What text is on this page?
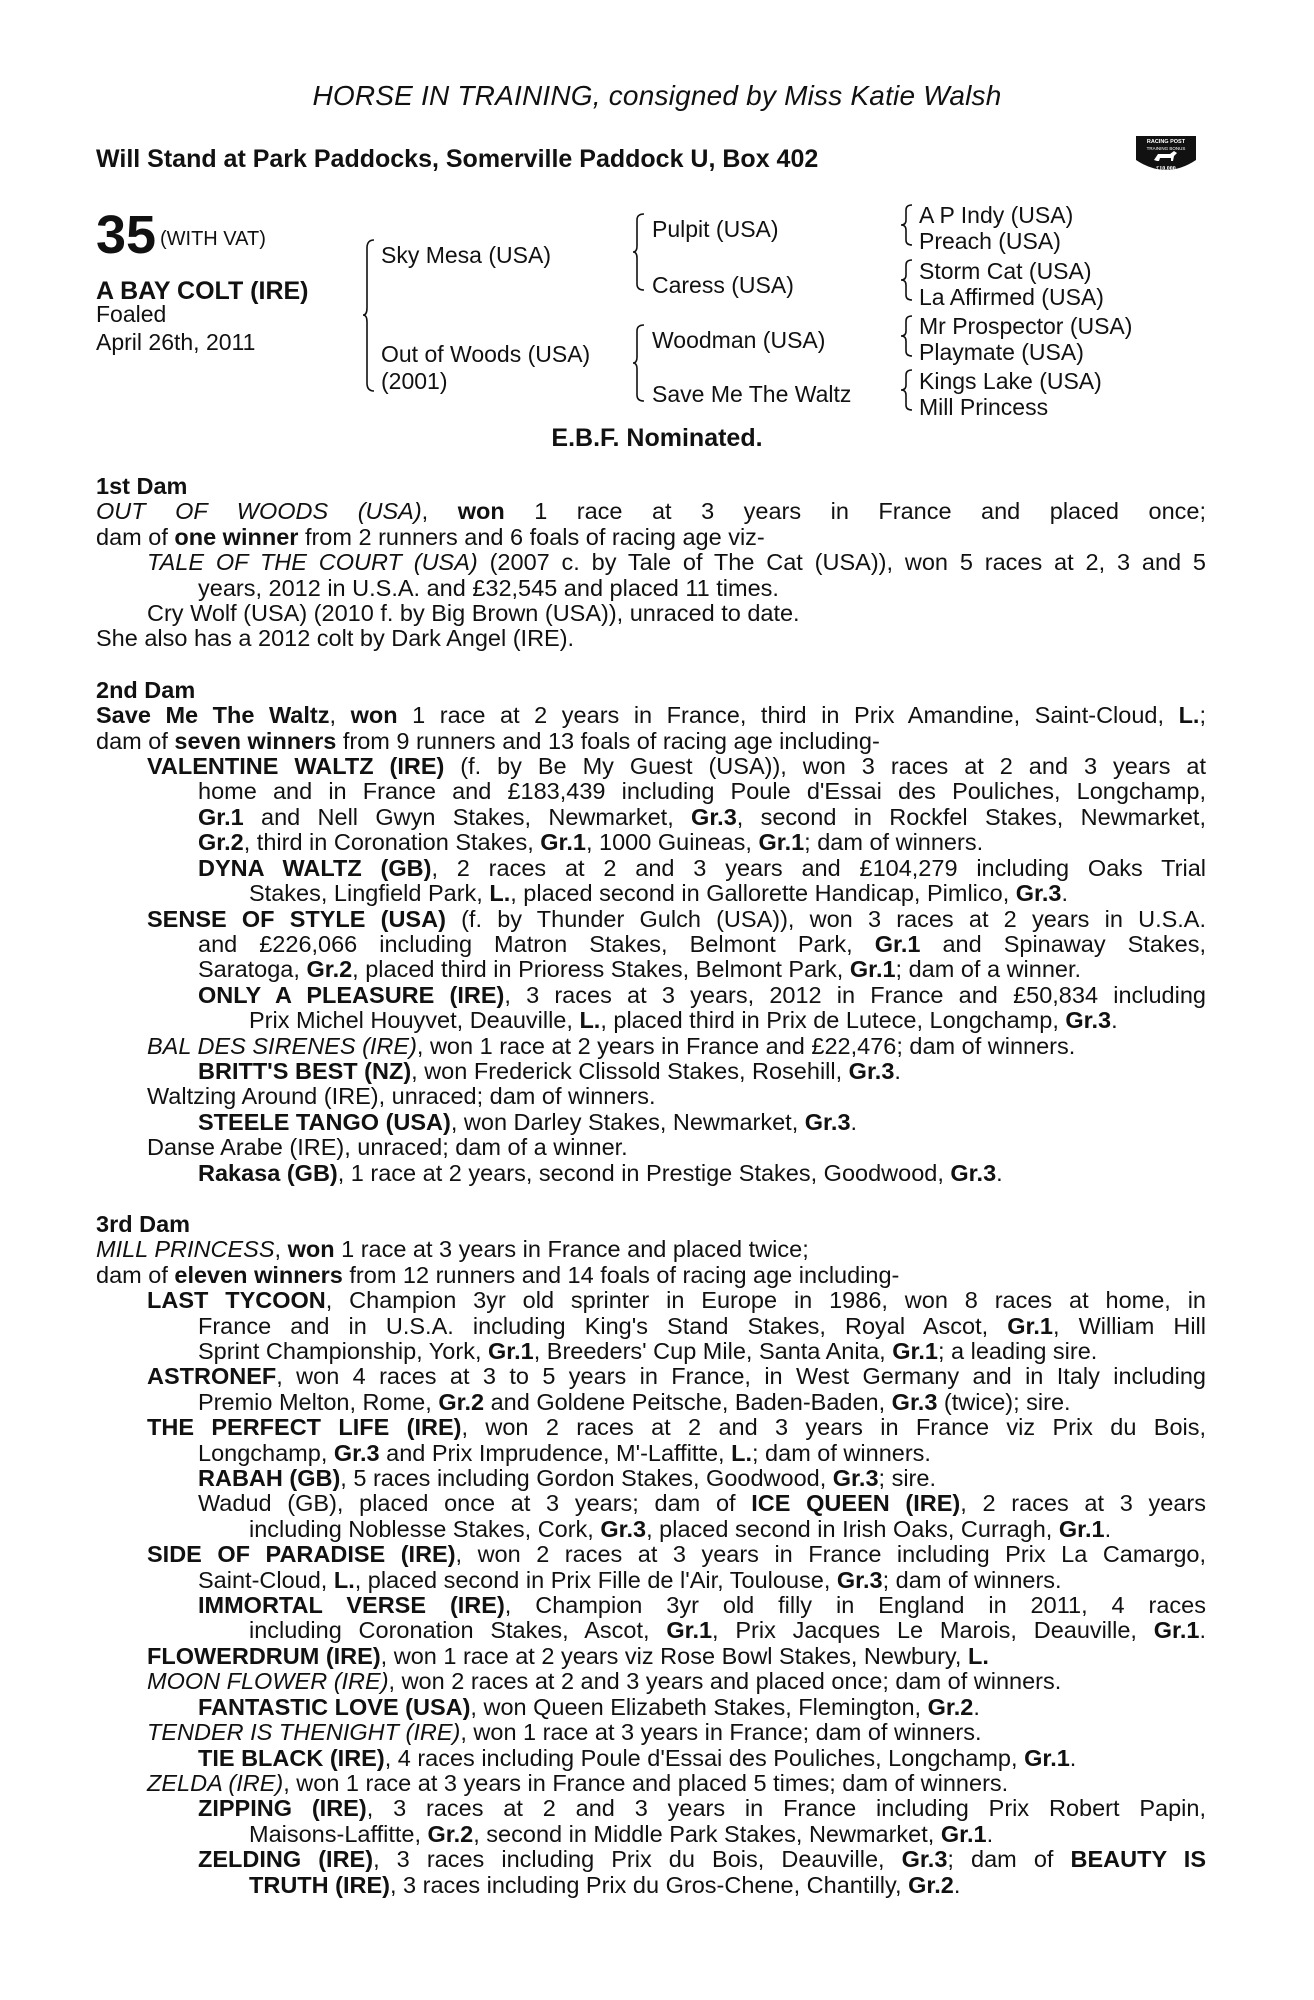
HORSE IN TRAINING, consigned by Miss Katie Walsh
Will Stand at Park Paddocks, Somerville Paddock U, Box 402
RACING POST
TRAINING BONUS
£10,000
35 (WITH VAT)
A BAY COLT (IRE)
Foaled
April 26th, 2011
Sky Mesa (USA)
Out of Woods (USA)
(2001)
Pulpit (USA)
Caress (USA)
Woodman (USA)
Save Me The Waltz
A P Indy (USA)
Preach (USA)
Storm Cat (USA)
La Affirmed (USA)
Mr Prospector (USA)
Playmate (USA)
Kings Lake (USA)
Mill Princess
E.B.F. Nominated.
1st Dam
OUT OF WOODS (USA), won 1 race at 3 years in France and placed once;
dam of one winner from 2 runners and 6 foals of racing age viz-
TALE OF THE COURT (USA) (2007 c. by Tale of The Cat (USA)), won 5 races at 2, 3 and 5
years, 2012 in U.S.A. and £32,545 and placed 11 times.
Cry Wolf (USA) (2010 f. by Big Brown (USA)), unraced to date.
She also has a 2012 colt by Dark Angel (IRE).
2nd Dam
Save Me The Waltz, won 1 race at 2 years in France, third in Prix Amandine, Saint-Cloud, L.;
dam of seven winners from 9 runners and 13 foals of racing age including-
VALENTINE WALTZ (IRE) (f. by Be My Guest (USA)), won 3 races at 2 and 3 years at
home and in France and £183,439 including Poule d'Essai des Pouliches, Longchamp,
Gr.1 and Nell Gwyn Stakes, Newmarket, Gr.3, second in Rockfel Stakes, Newmarket,
Gr.2, third in Coronation Stakes, Gr.1, 1000 Guineas, Gr.1; dam of winners.
DYNA WALTZ (GB), 2 races at 2 and 3 years and £104,279 including Oaks Trial
Stakes, Lingfield Park, L., placed second in Gallorette Handicap, Pimlico, Gr.3.
SENSE OF STYLE (USA) (f. by Thunder Gulch (USA)), won 3 races at 2 years in U.S.A.
and £226,066 including Matron Stakes, Belmont Park, Gr.1 and Spinaway Stakes,
Saratoga, Gr.2, placed third in Prioress Stakes, Belmont Park, Gr.1; dam of a winner.
ONLY A PLEASURE (IRE), 3 races at 3 years, 2012 in France and £50,834 including
Prix Michel Houyvet, Deauville, L., placed third in Prix de Lutece, Longchamp, Gr.3.
BAL DES SIRENES (IRE), won 1 race at 2 years in France and £22,476; dam of winners.
BRITT'S BEST (NZ), won Frederick Clissold Stakes, Rosehill, Gr.3.
Waltzing Around (IRE), unraced; dam of winners.
STEELE TANGO (USA), won Darley Stakes, Newmarket, Gr.3.
Danse Arabe (IRE), unraced; dam of a winner.
Rakasa (GB), 1 race at 2 years, second in Prestige Stakes, Goodwood, Gr.3.
3rd Dam
MILL PRINCESS, won 1 race at 3 years in France and placed twice;
dam of eleven winners from 12 runners and 14 foals of racing age including-
LAST TYCOON, Champion 3yr old sprinter in Europe in 1986, won 8 races at home, in
France and in U.S.A. including King's Stand Stakes, Royal Ascot, Gr.1, William Hill
Sprint Championship, York, Gr.1, Breeders' Cup Mile, Santa Anita, Gr.1; a leading sire.
ASTRONEF, won 4 races at 3 to 5 years in France, in West Germany and in Italy including
Premio Melton, Rome, Gr.2 and Goldene Peitsche, Baden-Baden, Gr.3 (twice); sire.
THE PERFECT LIFE (IRE), won 2 races at 2 and 3 years in France viz Prix du Bois,
Longchamp, Gr.3 and Prix Imprudence, M'-Laffitte, L.; dam of winners.
RABAH (GB), 5 races including Gordon Stakes, Goodwood, Gr.3; sire.
Wadud (GB), placed once at 3 years; dam of ICE QUEEN (IRE), 2 races at 3 years
including Noblesse Stakes, Cork, Gr.3, placed second in Irish Oaks, Curragh, Gr.1.
SIDE OF PARADISE (IRE), won 2 races at 3 years in France including Prix La Camargo,
Saint-Cloud, L., placed second in Prix Fille de l'Air, Toulouse, Gr.3; dam of winners.
IMMORTAL VERSE (IRE), Champion 3yr old filly in England in 2011, 4 races
including Coronation Stakes, Ascot, Gr.1, Prix Jacques Le Marois, Deauville, Gr.1.
FLOWERDRUM (IRE), won 1 race at 2 years viz Rose Bowl Stakes, Newbury, L.
MOON FLOWER (IRE), won 2 races at 2 and 3 years and placed once; dam of winners.
FANTASTIC LOVE (USA), won Queen Elizabeth Stakes, Flemington, Gr.2.
TENDER IS THENIGHT (IRE), won 1 race at 3 years in France; dam of winners.
TIE BLACK (IRE), 4 races including Poule d'Essai des Pouliches, Longchamp, Gr.1.
ZELDA (IRE), won 1 race at 3 years in France and placed 5 times; dam of winners.
ZIPPING (IRE), 3 races at 2 and 3 years in France including Prix Robert Papin,
Maisons-Laffitte, Gr.2, second in Middle Park Stakes, Newmarket, Gr.1.
ZELDING (IRE), 3 races including Prix du Bois, Deauville, Gr.3; dam of BEAUTY IS
TRUTH (IRE), 3 races including Prix du Gros-Chene, Chantilly, Gr.2.
